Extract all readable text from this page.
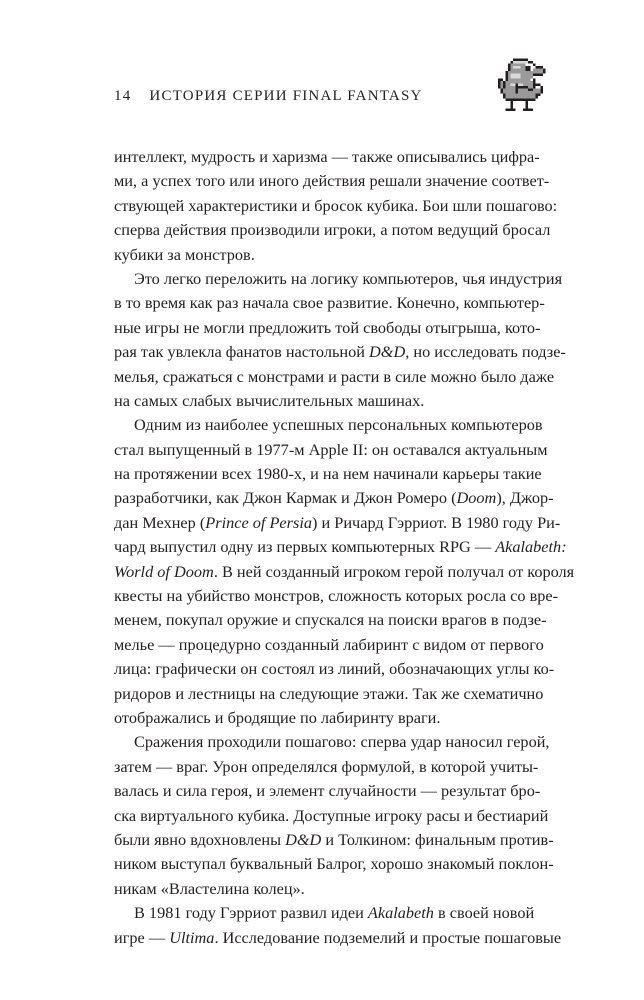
14 ИСТОРИЯ СЕРИИ FINAL FANTASY

интеллект, мудрость и харизма — также описывались цифра-

ми, а успех того или иного действия решали значение соответ-

ствующей характеристики и бросок кубика. Бои шли пошагово:

сперва действия производили игроки, а потом ведущий бросал

кубики за монстров.

Это легко переложить на логику компьютеров, чья индустрия

в то время как раз начала свое развитие. Конечно, компьютер-

ные игры не могли предложить той свободы отыгрыша, кото-

рая так увлекла фанатов настольной D&D, но исследовать подзе-

мелья, сражаться с монстрами и расти в силе можно было даже

на самых слабых вычислительных машинах.

Одним из наиболее успешных персональных компьютеров

стал выпущенный в 1977-м Apple II: он оставался актуальным

на протяжении всех 1980-х, и на нем начинали карьеры такие

разработчики, как Джон Кармак и Джон Ромеро (Doom), Джор-

дан Мехнер (Prince of Persia) и Ричард Гэрриот. В 1980 году Ри-

чард выпустил одну из первых компьютерных RPG — Akalabeth:

World of Doom. В ней созданный игроком герой получал от короля

квесты на убийство монстров, сложность которых росла со вре-

менем, покупал оружие и спускался на поиски врагов в подзе-

мелье — процедурно созданный лабиринт с видом от первого

лица: графически он состоял из линий, обозначающих углы ко-

ридоров и лестницы на следующие этажи. Так же схематично

отображались и бродящие по лабиринту враги.

Сражения проходили пошагово: сперва удар наносил герой,

затем — враг. Урон определялся формулой, в которой учиты-

валась и сила героя, и элемент случайности — результат бро-

ска виртуального кубика. Доступные игроку расы и бестиарий

были явно вдохновлены D&D и Толкином: финальным против-

ником выступал буквальный Балрог, хорошо знакомый поклон-

никам «Властелина колец».

В 1981 году Гэрриот развил идеи Akalabeth в своей новой

игре — Ultima. Исследование подземелий и простые пошаговые
